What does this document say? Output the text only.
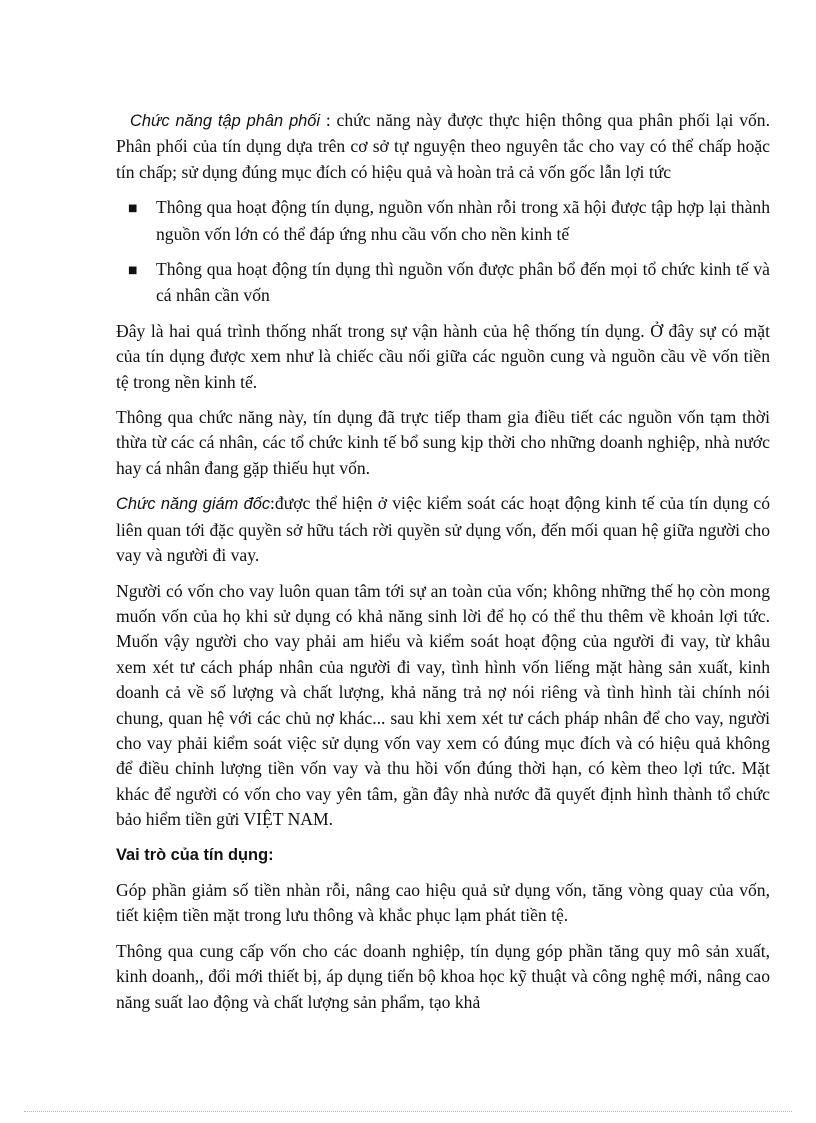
Chức năng tập phân phối : chức năng này được thực hiện thông qua phân phối lại vốn. Phân phối của tín dụng dựa trên cơ sở tự nguyện theo nguyên tắc cho vay có thể chấp hoặc tín chấp; sử dụng đúng mục đích có hiệu quả và hoàn trả cả vốn gốc lẫn lợi tức

■ Thông qua hoạt động tín dụng, nguồn vốn nhàn rỗi trong xã hội được tập hợp lại thành nguồn vốn lớn có thể đáp ứng nhu cầu vốn cho nền kinh tế

■ Thông qua hoạt động tín dụng thì nguồn vốn được phân bổ đến mọi tổ chức kinh tế và cá nhân cần vốn

Đây là hai quá trình thống nhất trong sự vận hành của hệ thống tín dụng. Ở đây sự có mặt của tín dụng được xem như là chiếc cầu nối giữa các nguồn cung và nguồn cầu về vốn tiền tệ trong nền kinh tế.

Thông qua chức năng này, tín dụng đã trực tiếp tham gia điều tiết các nguồn vốn tạm thời thừa từ các cá nhân, các tổ chức kinh tế bổ sung kịp thời cho những doanh nghiệp, nhà nước hay cá nhân đang gặp thiếu hụt vốn.

Chức năng giám đốc:được thể hiện ở việc kiểm soát các hoạt động kinh tế của tín dụng có liên quan tới đặc quyền sở hữu tách rời quyền sử dụng vốn, đến mối quan hệ giữa người cho vay và người đi vay.

Người có vốn cho vay luôn quan tâm tới sự an toàn của vốn; không những thế họ còn mong muốn vốn của họ khi sử dụng có khả năng sinh lời để họ có thể thu thêm về khoản lợi tức. Muốn vậy người cho vay phải am hiểu và kiểm soát hoạt động của người đi vay, từ khâu xem xét tư cách pháp nhân của người đi vay, tình hình vốn liếng mặt hàng sản xuất, kinh doanh cả về số lượng và chất lượng, khả năng trả nợ nói riêng và tình hình tài chính nói chung, quan hệ với các chủ nợ khác... sau khi xem xét tư cách pháp nhân để cho vay, người cho vay phải kiểm soát việc sử dụng vốn vay xem có đúng mục đích và có hiệu quả không để điều chỉnh lượng tiền vốn vay và thu hồi vốn đúng thời hạn, có kèm theo lợi tức. Mặt khác để người có vốn cho vay yên tâm, gần đây nhà nước đã quyết định hình thành tổ chức bảo hiểm tiền gửi VIỆT NAM.

Vai trò của tín dụng:

Góp phần giảm số tiền nhàn rỗi, nâng cao hiệu quả sử dụng vốn, tăng vòng quay của vốn, tiết kiệm tiền mặt trong lưu thông và khắc phục lạm phát tiền tệ.

Thông qua cung cấp vốn cho các doanh nghiệp, tín dụng góp phần tăng quy mô sản xuất, kinh doanh,, đổi mới thiết bị, áp dụng tiến bộ khoa học kỹ thuật và công nghệ mới, nâng cao năng suất lao động và chất lượng sản phẩm, tạo khả
